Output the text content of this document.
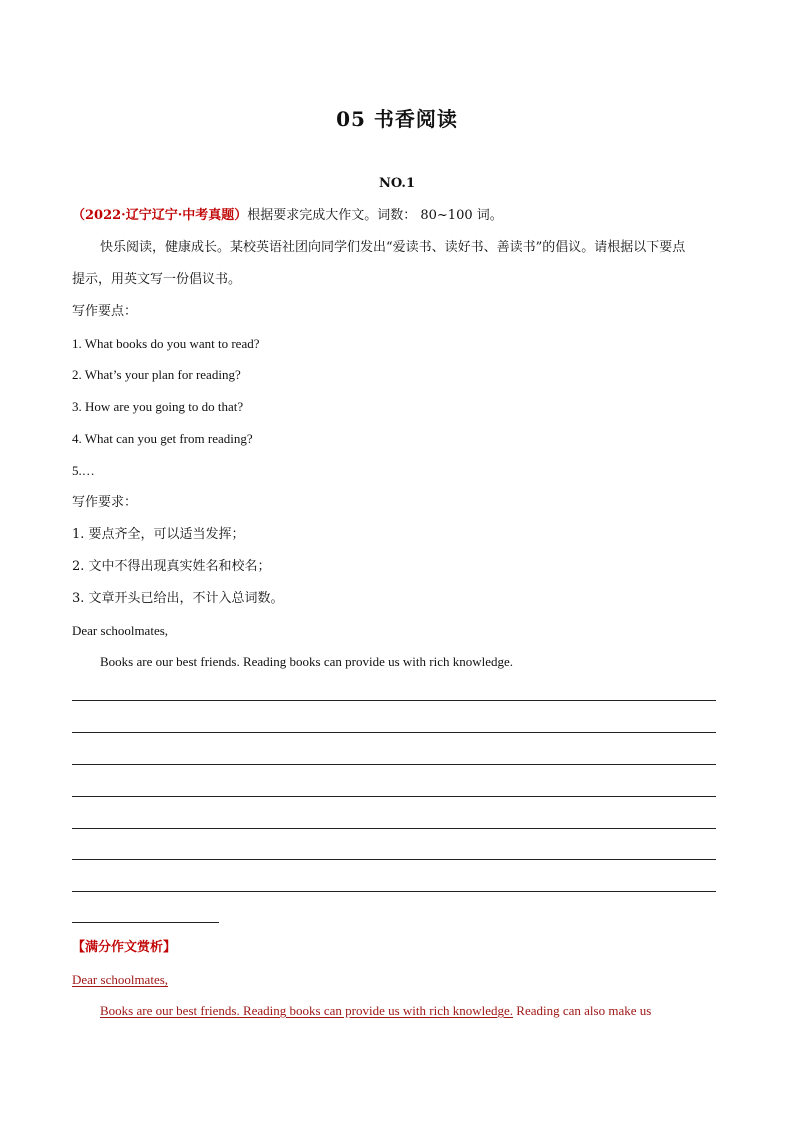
05 书香阅读
NO.1
（2022·辽宁辽宁·中考真题）根据要求完成大作文。词数： 80~100 词。
快乐阅读，健康成长。某校英语社团向同学们发出“爱读书、读好书、善读书”的倡议。请根据以下要点
提示，用英文写一份倡议书。
写作要点：
1. What books do you want to read?
2. What’s your plan for reading?
3. How are you going to do that?
4. What can you get from reading?
5.…
写作要求：
1. 要点齐全，可以适当发挥；
2. 文中不得出现真实姓名和校名；
3. 文章开头已给出，不计入总词数。
Dear schoolmates,
Books are our best friends. Reading books can provide us with rich knowledge.
【满分作文赏析】
Dear schoolmates,
Books are our best friends. Reading books can provide us with rich knowledge. Reading can also make us
